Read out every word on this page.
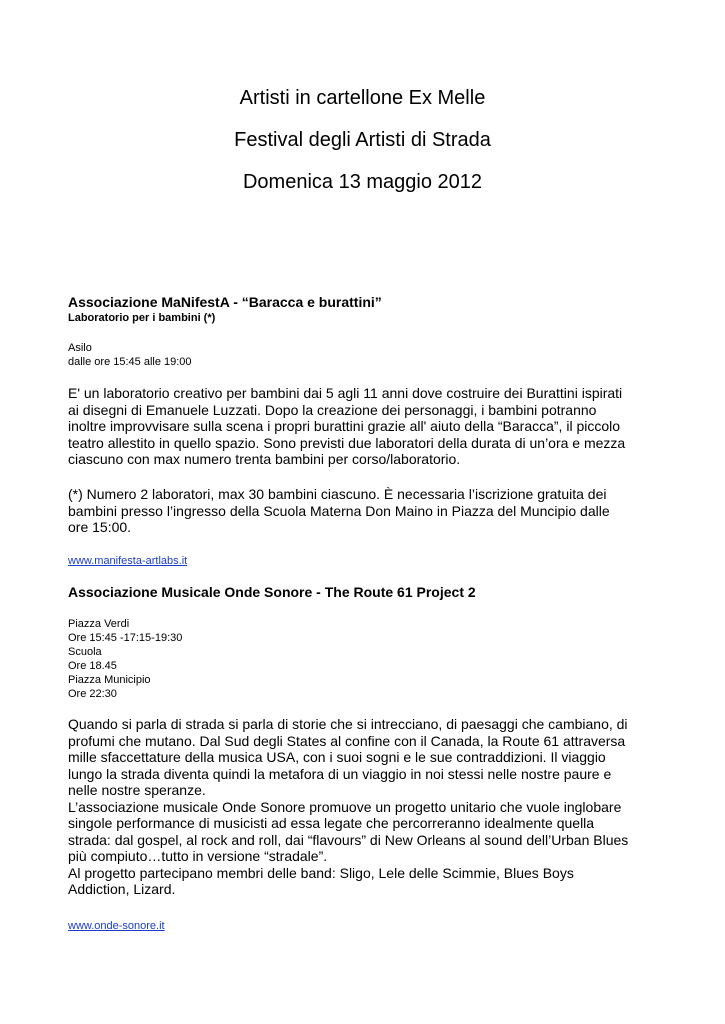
Artisti in cartellone Ex Melle
Festival degli Artisti di Strada
Domenica 13 maggio 2012
Associazione MaNifestA - “Baracca e burattini”
Laboratorio per i bambini (*)
Asilo
dalle ore 15:45 alle 19:00
E' un laboratorio creativo per bambini dai 5 agli 11 anni dove costruire dei Burattini ispirati
ai disegni di Emanuele Luzzati. Dopo la creazione dei personaggi, i bambini potranno
inoltre improvvisare sulla scena i propri burattini grazie all' aiuto della “Baracca”, il piccolo
teatro allestito in quello spazio. Sono previsti due laboratori della durata di un’ora e mezza
ciascuno con max numero trenta bambini per corso/laboratorio.
(*) Numero 2 laboratori, max 30 bambini ciascuno. È necessaria l’iscrizione gratuita dei
bambini presso l’ingresso della Scuola Materna Don Maino in Piazza del Muncipio dalle
ore 15:00.
www.manifesta-artlabs.it
Associazione Musicale Onde Sonore - The Route 61 Project 2
Piazza Verdi
Ore 15:45 -17:15-19:30
Scuola
Ore 18.45
Piazza Municipio
Ore 22:30
Quando si parla di strada si parla di storie che si intrecciano, di paesaggi che cambiano, di
profumi che mutano. Dal Sud degli States al confine con il Canada, la Route 61 attraversa
mille sfaccettature della musica USA, con i suoi sogni e le sue contraddizioni. Il viaggio
lungo la strada diventa quindi la metafora di un viaggio in noi stessi nelle nostre paure e
nelle nostre speranze.
L’associazione musicale Onde Sonore promuove un progetto unitario che vuole inglobare
singole performance di musicisti ad essa legate che percorreranno idealmente quella
strada: dal gospel, al rock and roll, dai “flavours” di New Orleans al sound dell’Urban Blues
più compiuto…tutto in versione “stradale”.
Al progetto partecipano membri delle band: Sligo, Lele delle Scimmie, Blues Boys
Addiction, Lizard.
www.onde-sonore.it
